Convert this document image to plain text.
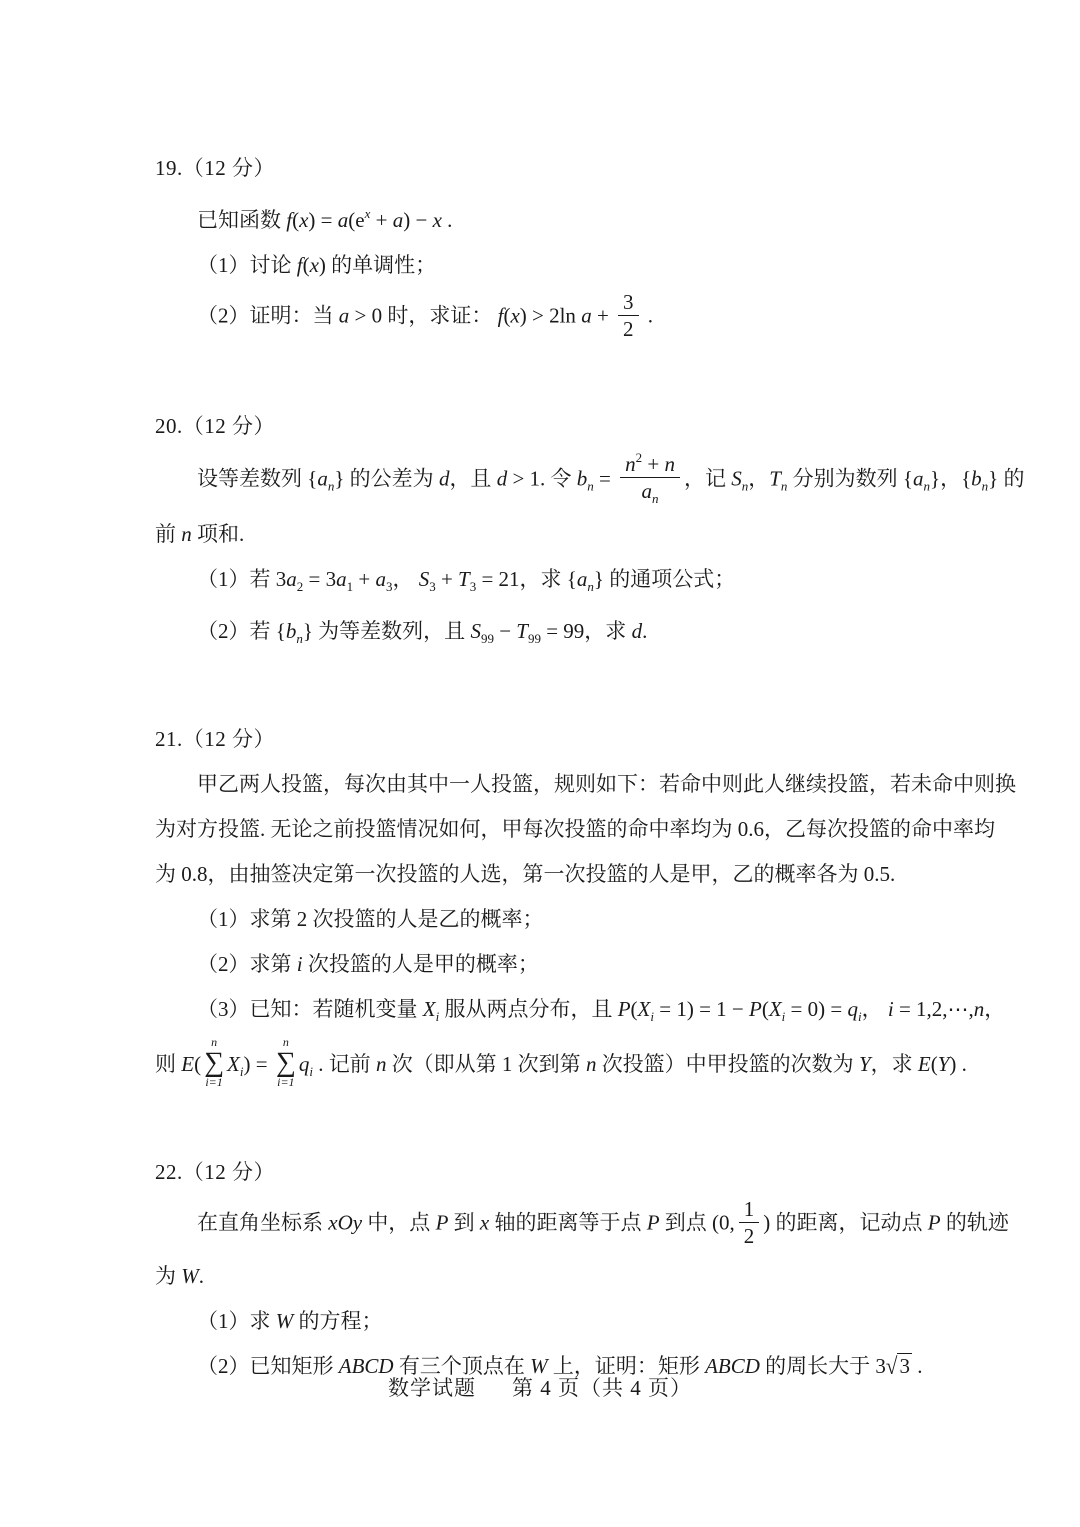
19.（12 分）
已知函数 $f(x) = a(e^x + a) - x$ .
（1）讨论 f(x) 的单调性；
（2）证明：当 a > 0 时，求证： f(x) > 2ln $a + \frac{3}{2}$ .
20.（12 分）
设等差数列 $\{a_n\}$ 的公差为 d，且 d > 1. 令 $b_n = \frac{n^2 + n}{a_n}$ ，记 $S_n$，$T_n$ 分别为数列 $\{a_n\}$，$\{b_n\}$ 的
前 n 项和.
（1）若 $3a_2 = 3a_1 + a_3$， $S_3 + T_3 = 21$，求 $\{a_n\}$ 的通项公式；
（2）若 $\{b_n\}$ 为等差数列，且 $S_{99} - T_{99} = 99$，求 d.
21.（12 分）
甲乙两人投篮，每次由其中一人投篮，规则如下：若命中则此人继续投篮，若未命中则换
为对方投篮. 无论之前投篮情况如何，甲每次投篮的命中率均为 0.6，乙每次投篮的命中率均
为 0.8，由抽签决定第一次投篮的人选，第一次投篮的人是甲，乙的概率各为 0.5.
（1）求第 2 次投篮的人是乙的概率；
（2）求第 i 次投篮的人是甲的概率；
（3）已知：若随机变量 $X_i$ 服从两点分布，且 $P(X_i = 1) = 1 - P(X_i = 0) = q_i$， i = 1,2,⋯,n，
则 E(
n
∑
i=1
$X_i$) =
n
∑
i=1
$q_i$ . 记前 n 次（即从第 1 次到第 n 次投篮）中甲投篮的次数为 Y，求 E(Y) .
22.（12 分）
在直角坐标系 xOy 中，点 P 到 x 轴的距离等于点 P 到点 (0, $\frac{1}{2}$ ) 的距离，记动点 P 的轨迹
为 W.
（1）求 W 的方程；
（2）已知矩形 ABCD 有三个顶点在 W 上，证明：矩形 ABCD 的周长大于 3√3 .
数学试题 第 4 页（共 4 页）
